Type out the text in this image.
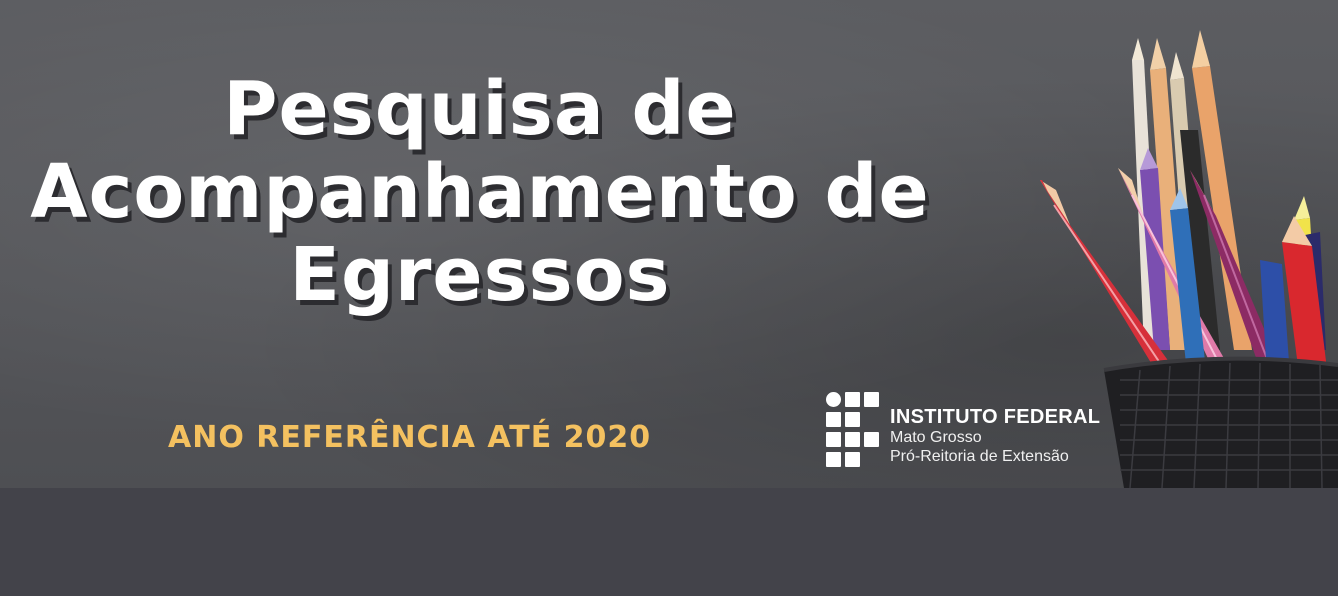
Pesquisa de
Acompanhamento de
Egressos
ANO REFERÊNCIA ATÉ 2020
INSTITUTO FEDERAL
Mato Grosso
Pró-Reitoria de Extensão
